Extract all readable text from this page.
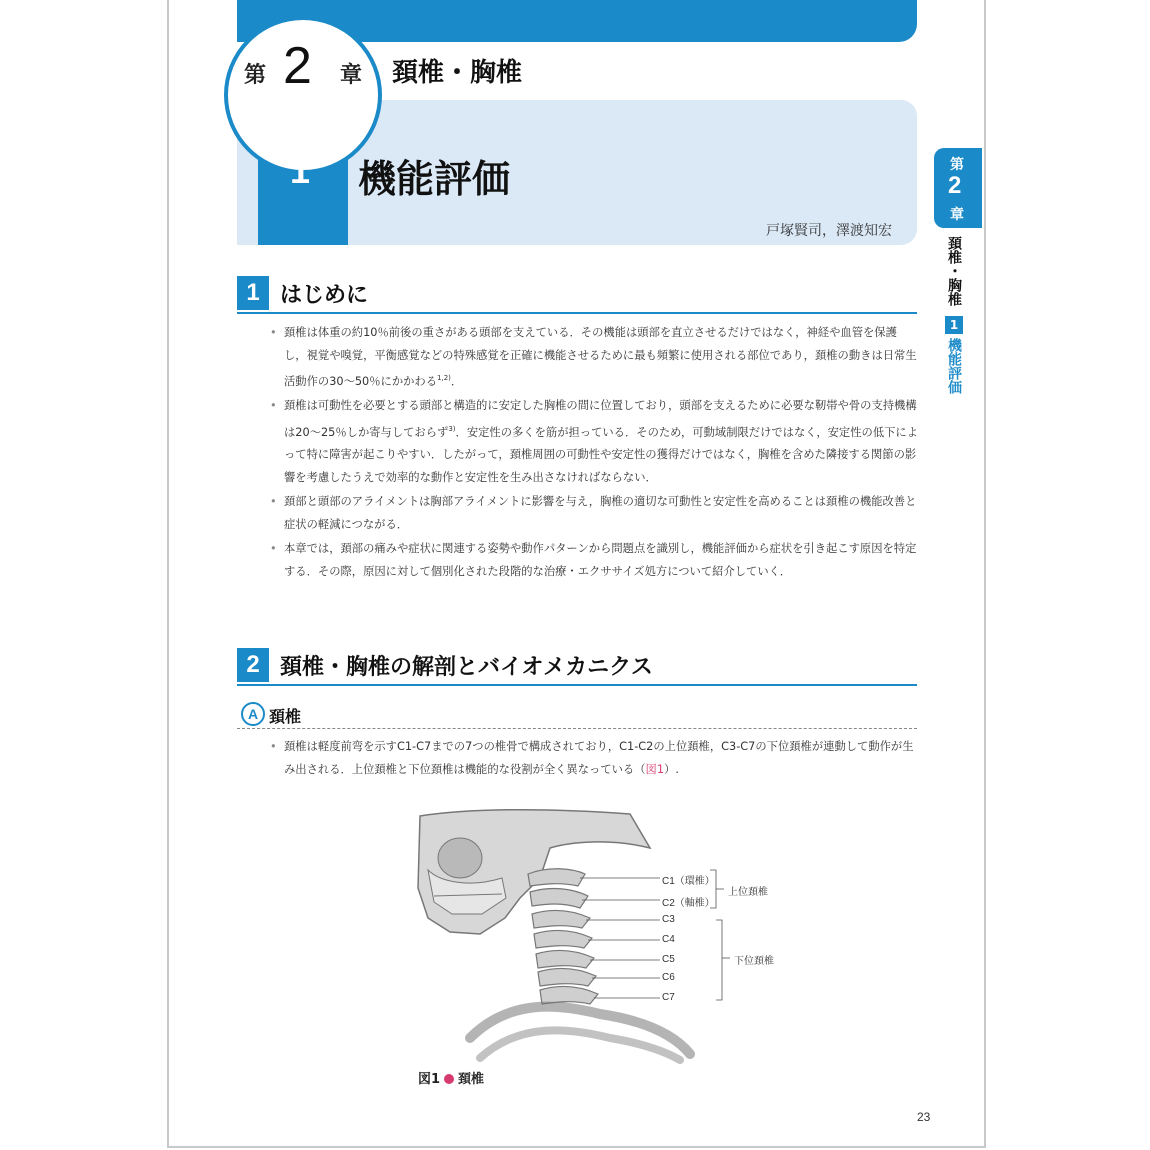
第 2 章 頚椎・胸椎
1 機能評価
戸塚賢司，澤渡知宏
第
2
章
頚椎・胸椎
1
機能評価
1 はじめに
• 頚椎は体重の約10％前後の重さがある頭部を支えている．その機能は頭部を直立させるだけではなく，神経や血管を保護し，視覚や嗅覚，平衡感覚などの特殊感覚を正確に機能させるために最も頻繁に使用される部位であり，頚椎の動きは日常生活動作の30～50％にかかわる$^{1,2)}$．
• 頚椎は可動性を必要とする頭部と構造的に安定した胸椎の間に位置しており，頭部を支えるために必要な靭帯や骨の支持機構は20～25％しか寄与しておらず$^{3)}$．安定性の多くを筋が担っている．そのため，可動域制限だけではなく，安定性の低下によって特に障害が起こりやすい．したがって，頚椎周囲の可動性や安定性の獲得だけではなく，胸椎を含めた隣接する関節の影響を考慮したうえで効率的な動作と安定性を生み出さなければならない．
• 頚部と頭部のアライメントは胸部アライメントに影響を与え，胸椎の適切な可動性と安定性を高めることは頚椎の機能改善と症状の軽減につながる．
• 本章では，頚部の痛みや症状に関連する姿勢や動作パターンから問題点を識別し，機能評価から症状を引き起こす原因を特定する．その際，原因に対して個別化された段階的な治療・エクササイズ処方について紹介していく．
2 頚椎・胸椎の解剖とバイオメカニクス
A 頚椎
• 頚椎は軽度前弯を示すC1-C7までの7つの椎骨で構成されており，C1-C2の上位頚椎，C3-C7の下位頚椎が連動して動作が生み出される．上位頚椎と下位頚椎は機能的な役割が全く異なっている（図1）.
C1（環椎）
C2（軸椎）
C3
C4
C5
C6
C7
上位頚椎
下位頚椎
図1 頚椎
23
